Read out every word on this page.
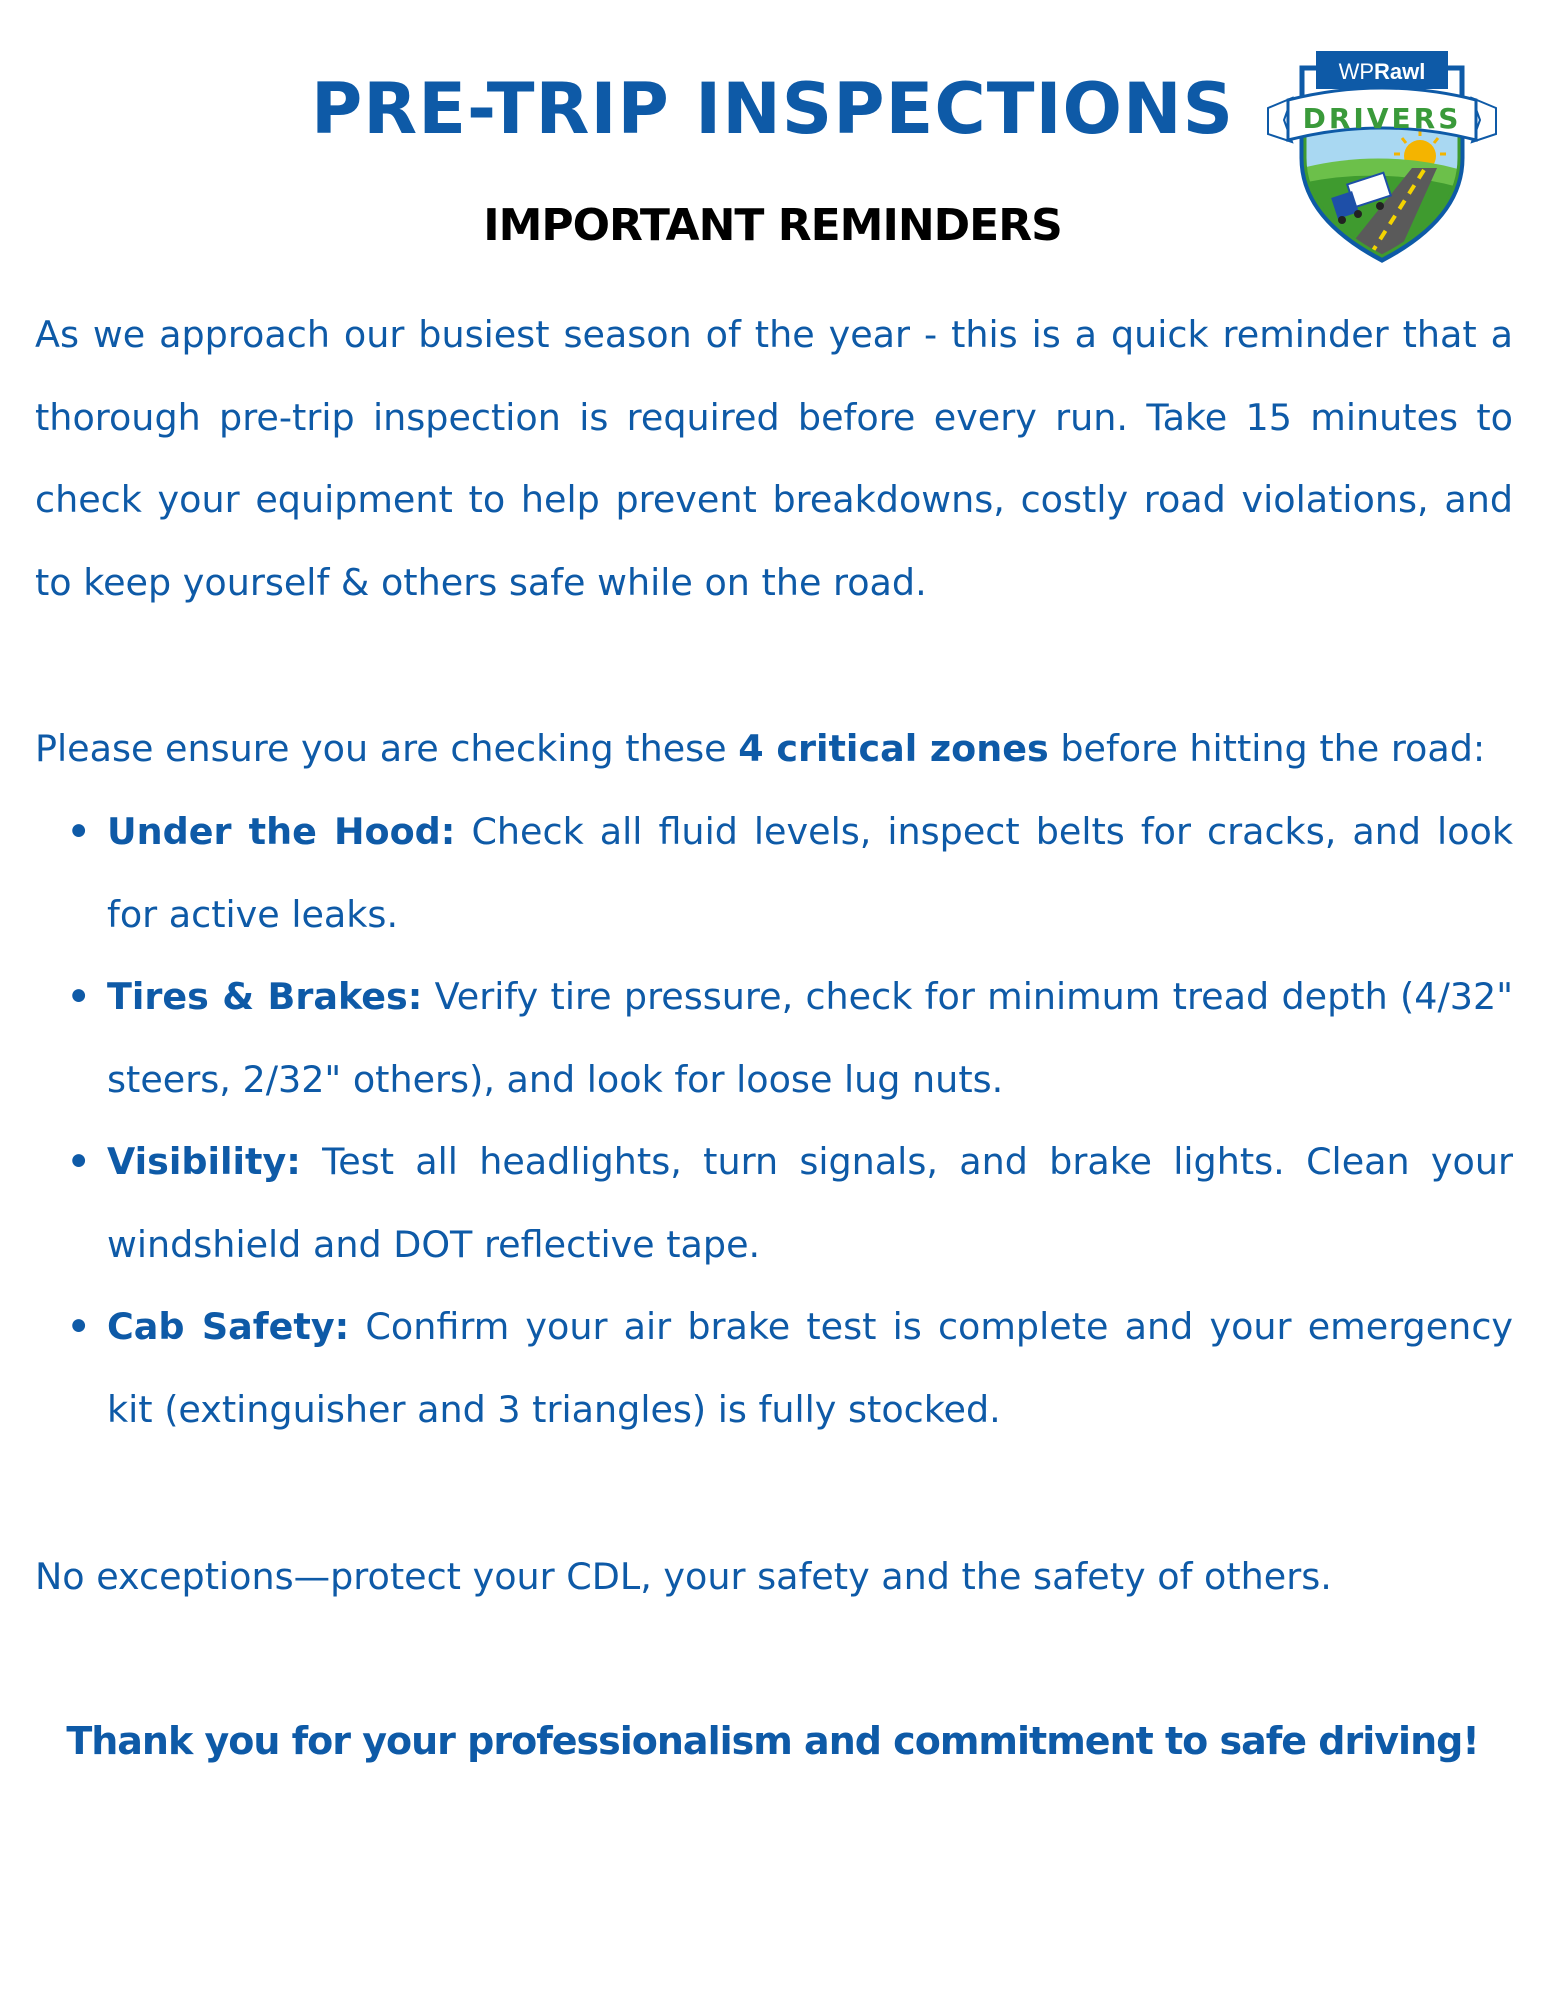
PRE-TRIP INSPECTIONS
IMPORTANT REMINDERS
WPRawl
DRIVERS

As we approach our busiest season of the year - this is a quick reminder that a thorough pre-trip inspection is required before every run. Take 15 minutes to check your equipment to help prevent breakdowns, costly road violations, and to keep yourself & others safe while on the road.

Please ensure you are checking these 4 critical zones before hitting the road:

• Under the Hood: Check all fluid levels, inspect belts for cracks, and look for active leaks.
• Tires & Brakes: Verify tire pressure, check for minimum tread depth (4/32" steers, 2/32" others), and look for loose lug nuts.
• Visibility: Test all headlights, turn signals, and brake lights. Clean your windshield and DOT reflective tape.
• Cab Safety: Confirm your air brake test is complete and your emergency kit (extinguisher and 3 triangles) is fully stocked.

No exceptions—protect your CDL, your safety and the safety of others.

Thank you for your professionalism and commitment to safe driving!
